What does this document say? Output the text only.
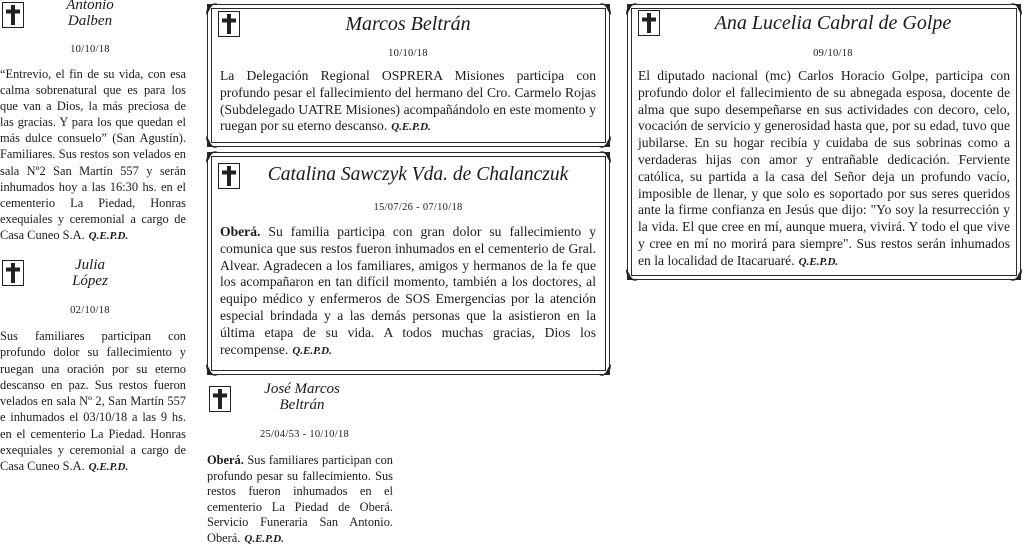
Antonio
Dalben
10/10/18
“Entrevio, el fin de su vida, con esa calma sobrenatural que es para los que van a Dios, la más preciosa de las gracias. Y para los que quedan el más dulce consuelo” (San Agustín). Familiares. Sus restos son velados en sala Nº2 San Martín 557 y serán inhumados hoy a las 16:30 hs. en el cementerio La Piedad, Honras exequiales y ceremonial a cargo de Casa Cuneo S.A. Q.E.P.D.
Julia
López
02/10/18
Sus familiares participan con profundo dolor su fallecimiento y ruegan una oración por su eterno descanso en paz. Sus restos fueron velados en sala Nº 2, San Martín 557 e inhumados el 03/10/18 a las 9 hs. en el cementerio La Piedad. Honras exequiales y ceremonial a cargo de Casa Cuneo S.A. Q.E.P.D.
Marcos Beltrán
10/10/18
La Delegación Regional OSPRERA Misiones participa con profundo pesar el fallecimiento del hermano del Cro. Carmelo Rojas (Subdelegado UATRE Misiones) acompañándolo en este momento y ruegan por su eterno descanso. Q.E.P.D.
Catalina Sawczyk Vda. de Chalanczuk
15/07/26 - 07/10/18
Oberá. Su familia participa con gran dolor su fallecimiento y comunica que sus restos fueron inhumados en el cementerio de Gral. Alvear. Agradecen a los familiares, amigos y hermanos de la fe que los acompañaron en tan difícil momento, también a los doctores, al equipo médico y enfermeros de SOS Emergencias por la atención especial brindada y a las demás personas que la asistieron en la última etapa de su vida. A todos muchas gracias, Dios los recompense. Q.E.P.D.
José Marcos
Beltrán
25/04/53 - 10/10/18
Oberá. Sus familiares participan con profundo pesar su fallecimiento. Sus restos fueron inhumados en el cementerio La Piedad de Oberá. Servicio Funeraria San Antonio. Oberá. Q.E.P.D.
Ana Lucelia Cabral de Golpe
09/10/18
El diputado nacional (mc) Carlos Horacio Golpe, participa con profundo dolor el fallecimiento de su abnegada esposa, docente de alma que supo desempeñarse en sus actividades con decoro, celo, vocación de servicio y generosidad hasta que, por su edad, tuvo que jubilarse. En su hogar recibía y cuidaba de sus sobrinas como a verdaderas hijas con amor y entrañable dedicación. Ferviente católica, su partida a la casa del Señor deja un profundo vacío, imposible de llenar, y que solo es soportado por sus seres queridos ante la firme confianza en Jesús que dijo: "Yo soy la resurrección y la vida. El que cree en mí, aunque muera, vivirá. Y todo el que vive y cree en mí no morirá para siempre". Sus restos serán inhumados en la localidad de Itacaruaré. Q.E.P.D.
